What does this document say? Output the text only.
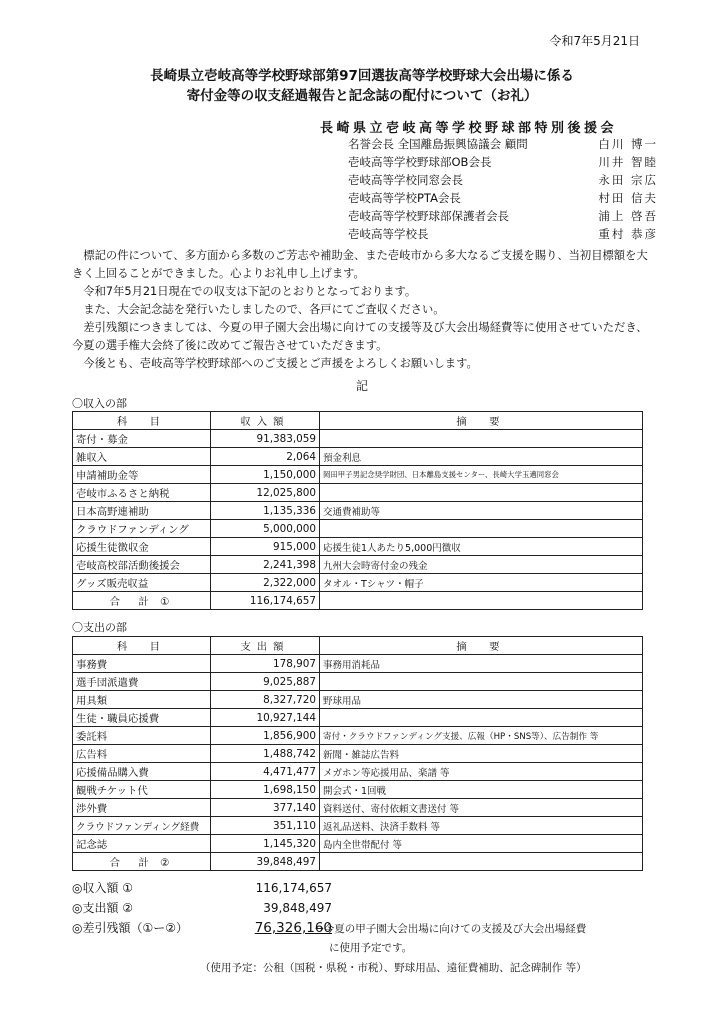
令和7年5月21日
長崎県立壱岐高等学校野球部第97回選抜高等学校野球大会出場に係る
寄付金等の収支経過報告と記念誌の配付について（お礼）
長崎県立壱岐高等学校野球部特別後援会
名誉会長 全国離島振興協議会 顧問	白川 博一
壱岐高等学校野球部OB会長	川井 智睦
壱岐高等学校同窓会長	永田 宗広
壱岐高等学校PTA会長	村田 信夫
壱岐高等学校野球部保護者会長	浦上 啓吾
壱岐高等学校長	重村 恭彦

　標記の件について、多方面から多数のご芳志や補助金、また壱岐市から多大なるご支援を賜り、当初目標額を大きく上回ることができました。心よりお礼申し上げます。

　令和7年5月21日現在での収支は下記のとおりとなっております。

　また、大会記念誌を発行いたしましたので、各戸にてご査収ください。

　差引残額につきましては、今夏の甲子園大会出場に向けての支援等及び大会出場経費等に使用させていただき、今夏の選手権大会終了後に改めてご報告させていただきます。

　今後とも、壱岐高等学校野球部へのご支援とご声援をよろしくお願いします。

記
〇収入の部
科　目	収入額	摘　要
寄付・募金	91,383,059	
雑収入	2,064	預金利息
申請補助金等	1,150,000	岡田甲子男記念奨学財団、日本離島支援センター、長崎大学玉邁同窓会
壱岐市ふるさと納税	12,025,800	
日本高野連補助	1,135,336	交通費補助等
クラウドファンディング	5,000,000	
応援生徒徴収金	915,000	応援生徒1人あたり5,000円徴収
壱岐高校部活動後援会	2,241,398	九州大会時寄付金の残金
グッズ販売収益	2,322,000	タオル・Tシャツ・帽子
合　計 ①	116,174,657	
〇支出の部
科　目	支出額	摘　要
事務費	178,907	事務用消耗品
選手団派遣費	9,025,887	
用具類	8,327,720	野球用品
生徒・職員応援費	10,927,144	
委託料	1,856,900	寄付・クラウドファンディング支援、広報（HP・SNS等）、広告制作 等
広告料	1,488,742	新聞・雑誌広告料
応援備品購入費	4,471,477	メガホン等応援用品、楽譜 等
観戦チケット代	1,698,150	開会式・1回戦
渉外費	377,140	資料送付、寄付依頼文書送付 等
クラウドファンディング経費	351,110	返礼品送料、決済手数料 等
記念誌	1,145,320	島内全世帯配付 等
合　計 ②	39,848,497	
◎収入額 ①	116,174,657
◎支出額 ②	39,848,497
◎差引残額（①ー②）	76,326,160
→今夏の甲子園大会出場に向けての支援及び大会出場経費
に使用予定です。
（使用予定：公租（国税・県税・市税）、野球用品、遠征費補助、記念碑制作 等）
